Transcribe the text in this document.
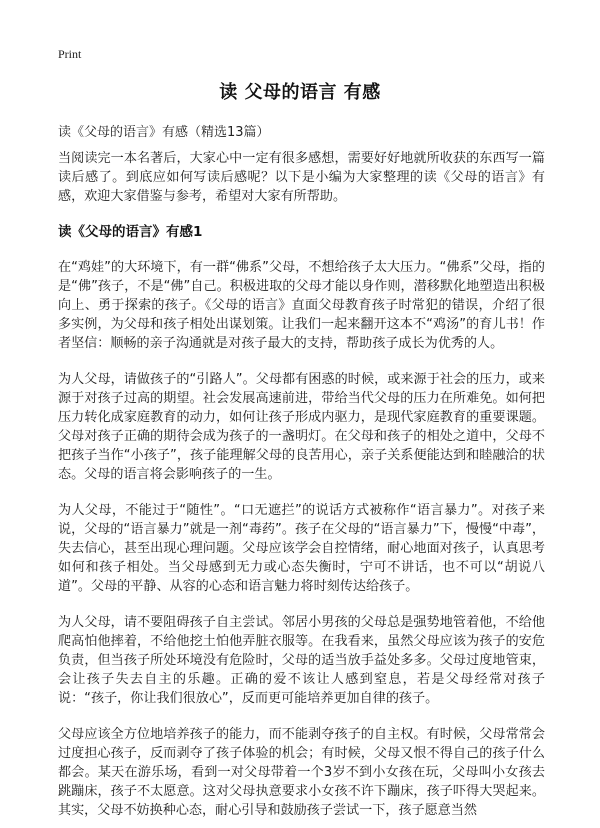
Print
读 父母的语言 有感
读《父母的语言》有感（精选13篇）

当阅读完一本名著后，大家心中一定有很多感想，需要好好地就所收获的东西写一篇读后感了。到底应如何写读后感呢？以下是小编为大家整理的读《父母的语言》有感，欢迎大家借鉴与参考，希望对大家有所帮助。

读《父母的语言》有感1

在“鸡娃”的大环境下，有一群“佛系”父母，不想给孩子太大压力。“佛系”父母，指的是“佛”孩子，不是“佛”自己。积极进取的父母才能以身作则，潜移默化地塑造出积极向上、勇于探索的孩子。《父母的语言》直面父母教育孩子时常犯的错误，介绍了很多实例，为父母和孩子相处出谋划策。让我们一起来翻开这本不“鸡汤”的育儿书！作者坚信：顺畅的亲子沟通就是对孩子最大的支持，帮助孩子成长为优秀的人。

为人父母，请做孩子的“引路人”。父母都有困惑的时候，或来源于社会的压力，或来源于对孩子过高的期望。社会发展高速前进，带给当代父母的压力在所难免。如何把压力转化成家庭教育的动力，如何让孩子形成内驱力，是现代家庭教育的重要课题。父母对孩子正确的期待会成为孩子的一盏明灯。在父母和孩子的相处之道中，父母不把孩子当作“小孩子”，孩子能理解父母的良苦用心，亲子关系便能达到和睦融洽的状态。父母的语言将会影响孩子的一生。

为人父母，不能过于“随性”。“口无遮拦”的说话方式被称作“语言暴力”。对孩子来说，父母的“语言暴力”就是一剂“毒药”。孩子在父母的“语言暴力”下，慢慢“中毒”，失去信心，甚至出现心理问题。父母应该学会自控情绪，耐心地面对孩子，认真思考如何和孩子相处。当父母感到无力或心态失衡时，宁可不讲话，也不可以“胡说八道”。父母的平静、从容的心态和语言魅力将时刻传达给孩子。

为人父母，请不要阻碍孩子自主尝试。邻居小男孩的父母总是强势地管着他，不给他爬高怕他摔着，不给他挖土怕他弄脏衣服等。在我看来，虽然父母应该为孩子的安危负责，但当孩子所处环境没有危险时，父母的适当放手益处多多。父母过度地管束，会让孩子失去自主的乐趣。正确的爱不该让人感到窒息，若是父母经常对孩子说：“孩子，你让我们很放心”，反而更可能培养更加自律的孩子。

父母应该全方位地培养孩子的能力，而不能剥夺孩子的自主权。有时候，父母常常会过度担心孩子，反而剥夺了孩子体验的机会；有时候，父母又恨不得自己的孩子什么都会。某天在游乐场，看到一对父母带着一个3岁不到小女孩在玩，父母叫小女孩去跳蹦床，孩子不太愿意。这对父母执意要求小女孩不许下蹦床，孩子吓得大哭起来。其实，父母不妨换种心态，耐心引导和鼓励孩子尝试一下，孩子愿意当然
